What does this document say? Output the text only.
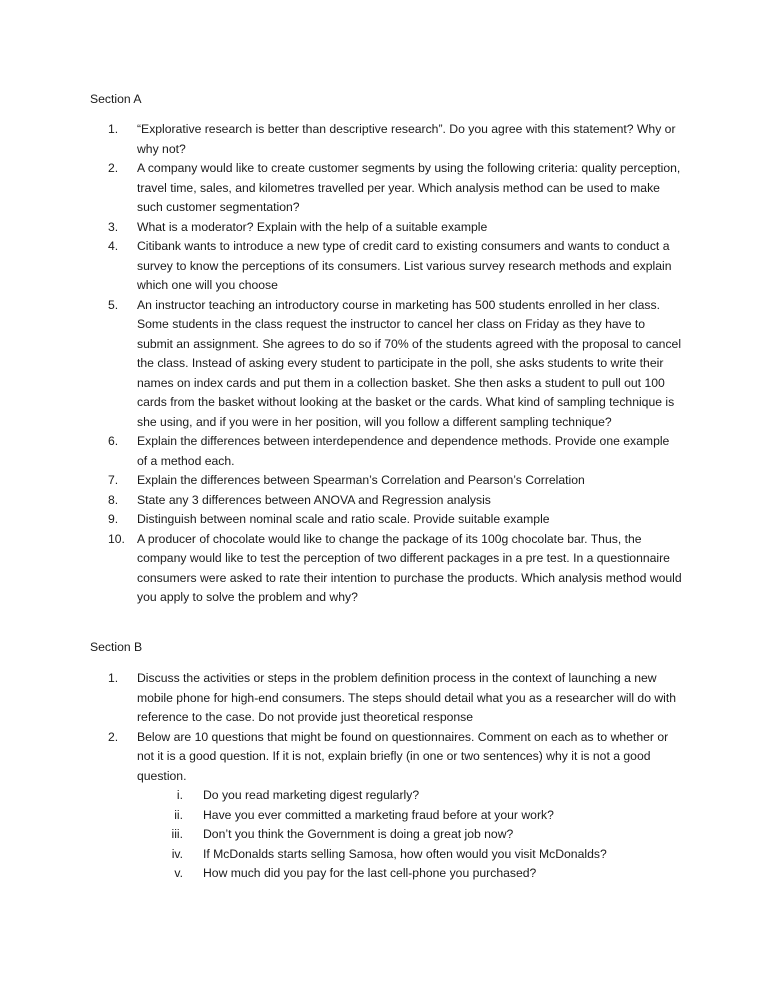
Section A
1.	“Explorative research is better than descriptive research”. Do you agree with this statement? Why or why not?
2.	A company would like to create customer segments by using the following criteria: quality perception, travel time, sales, and kilometres travelled per year. Which analysis method can be used to make such customer segmentation?
3.	What is a moderator? Explain with the help of a suitable example
4.	Citibank wants to introduce a new type of credit card to existing consumers and wants to conduct a survey to know the perceptions of its consumers. List various survey research methods and explain which one will you choose
5.	An instructor teaching an introductory course in marketing has 500 students enrolled in her class. Some students in the class request the instructor to cancel her class on Friday as they have to submit an assignment. She agrees to do so if 70% of the students agreed with the proposal to cancel the class. Instead of asking every student to participate in the poll, she asks students to write their names on index cards and put them in a collection basket. She then asks a student to pull out 100 cards from the basket without looking at the basket or the cards. What kind of sampling technique is she using, and if you were in her position, will you follow a different sampling technique?
6.	Explain the differences between interdependence and dependence methods. Provide one example of a method each.
7.	Explain the differences between Spearman’s Correlation and Pearson’s Correlation
8.	State any 3 differences between ANOVA and Regression analysis
9.	Distinguish between nominal scale and ratio scale. Provide suitable example
10. A producer of chocolate would like to change the package of its 100g chocolate bar. Thus, the company would like to test the perception of two different packages in a pre test. In a questionnaire consumers were asked to rate their intention to purchase the products. Which analysis method would you apply to solve the problem and why?
Section B
1.	Discuss the activities or steps in the problem definition process in the context of launching a new mobile phone for high-end consumers. The steps should detail what you as a researcher will do with reference to the case. Do not provide just theoretical response
2.	Below are 10 questions that might be found on questionnaires. Comment on each as to whether or not it is a good question. If it is not, explain briefly (in one or two sentences) why it is not a good question.
i. Do you read marketing digest regularly?
ii. Have you ever committed a marketing fraud before at your work?
iii. Don’t you think the Government is doing a great job now?
iv. If McDonalds starts selling Samosa, how often would you visit McDonalds?
v. How much did you pay for the last cell-phone you purchased?
